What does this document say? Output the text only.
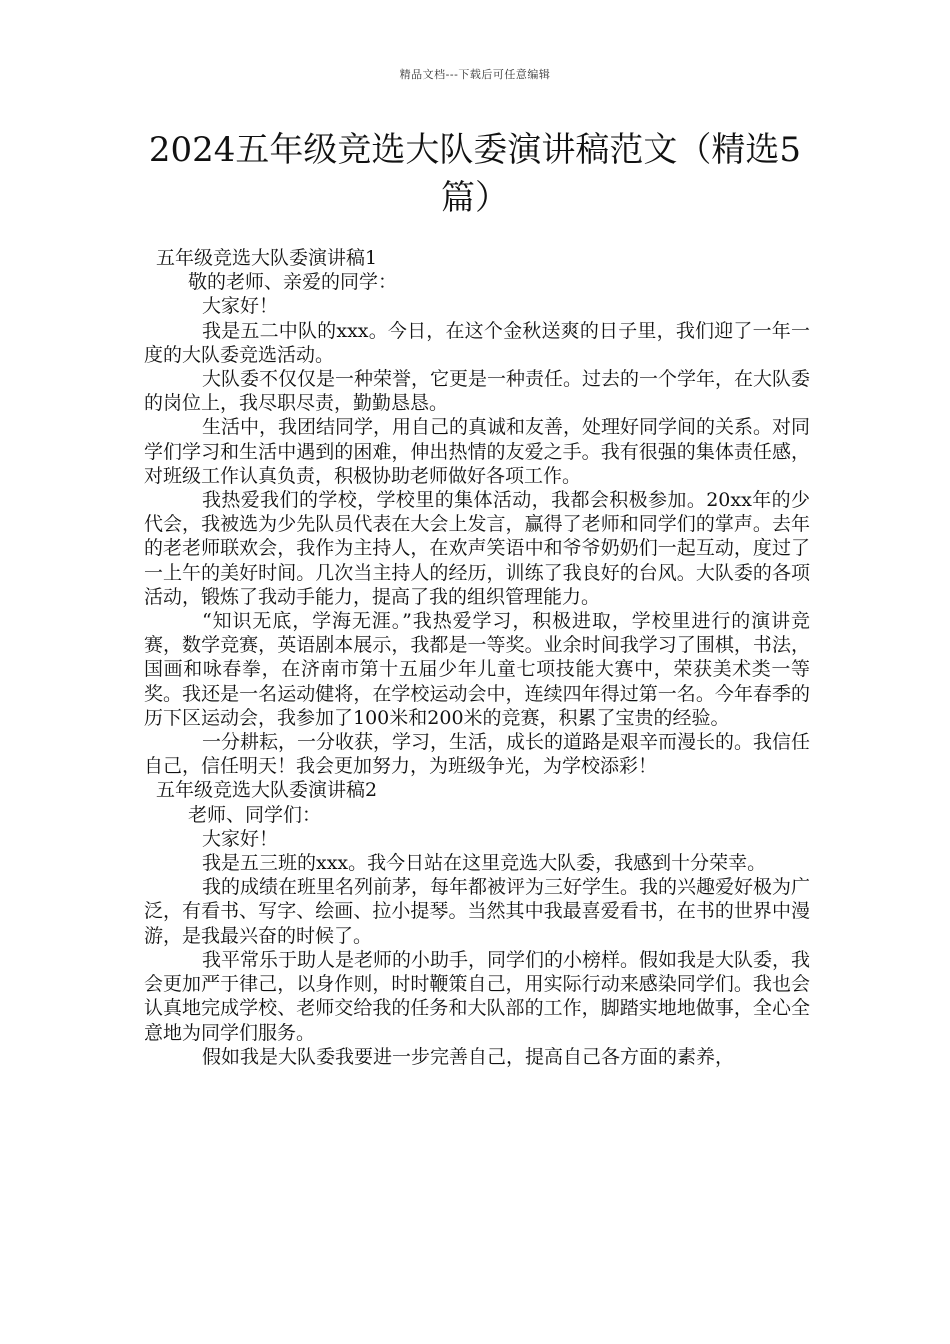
精品文档---下载后可任意编辑
2024五年级竞选大队委演讲稿范文（精选5篇）

五年级竞选大队委演讲稿1

敬的老师、亲爱的同学：

大家好！

我是五二中队的xxx。今日，在这个金秋送爽的日子里，我们迎了一年一度的大队委竞选活动。

大队委不仅仅是一种荣誉，它更是一种责任。过去的一个学年，在大队委的岗位上，我尽职尽责，勤勤恳恳。

生活中，我团结同学，用自己的真诚和友善，处理好同学间的关系。对同学们学习和生活中遇到的困难，伸出热情的友爱之手。我有很强的集体责任感，对班级工作认真负责，积极协助老师做好各项工作。

我热爱我们的学校，学校里的集体活动，我都会积极参加。20xx年的少代会，我被选为少先队员代表在大会上发言，赢得了老师和同学们的掌声。去年的老老师联欢会，我作为主持人，在欢声笑语中和爷爷奶奶们一起互动，度过了一上午的美好时间。几次当主持人的经历，训练了我良好的台风。大队委的各项活动，锻炼了我动手能力，提高了我的组织管理能力。

“知识无底，学海无涯。”我热爱学习，积极进取，学校里进行的演讲竞赛，数学竞赛，英语剧本展示，我都是一等奖。业余时间我学习了围棋，书法，国画和咏春拳，在济南市第十五届少年儿童七项技能大赛中，荣获美术类一等奖。我还是一名运动健将，在学校运动会中，连续四年得过第一名。今年春季的历下区运动会，我参加了100米和200米的竞赛，积累了宝贵的经验。

一分耕耘，一分收获，学习，生活，成长的道路是艰辛而漫长的。我信任自己，信任明天！我会更加努力，为班级争光，为学校添彩！

五年级竞选大队委演讲稿2

老师、同学们：

大家好！

我是五三班的xxx。我今日站在这里竞选大队委，我感到十分荣幸。

我的成绩在班里名列前茅，每年都被评为三好学生。我的兴趣爱好极为广泛，有看书、写字、绘画、拉小提琴。当然其中我最喜爱看书，在书的世界中漫游，是我最兴奋的时候了。

我平常乐于助人是老师的小助手，同学们的小榜样。假如我是大队委，我会更加严于律己，以身作则，时时鞭策自己，用实际行动来感染同学们。我也会认真地完成学校、老师交给我的任务和大队部的工作，脚踏实地地做事，全心全意地为同学们服务。

假如我是大队委我要进一步完善自己，提高自己各方面的素养，
